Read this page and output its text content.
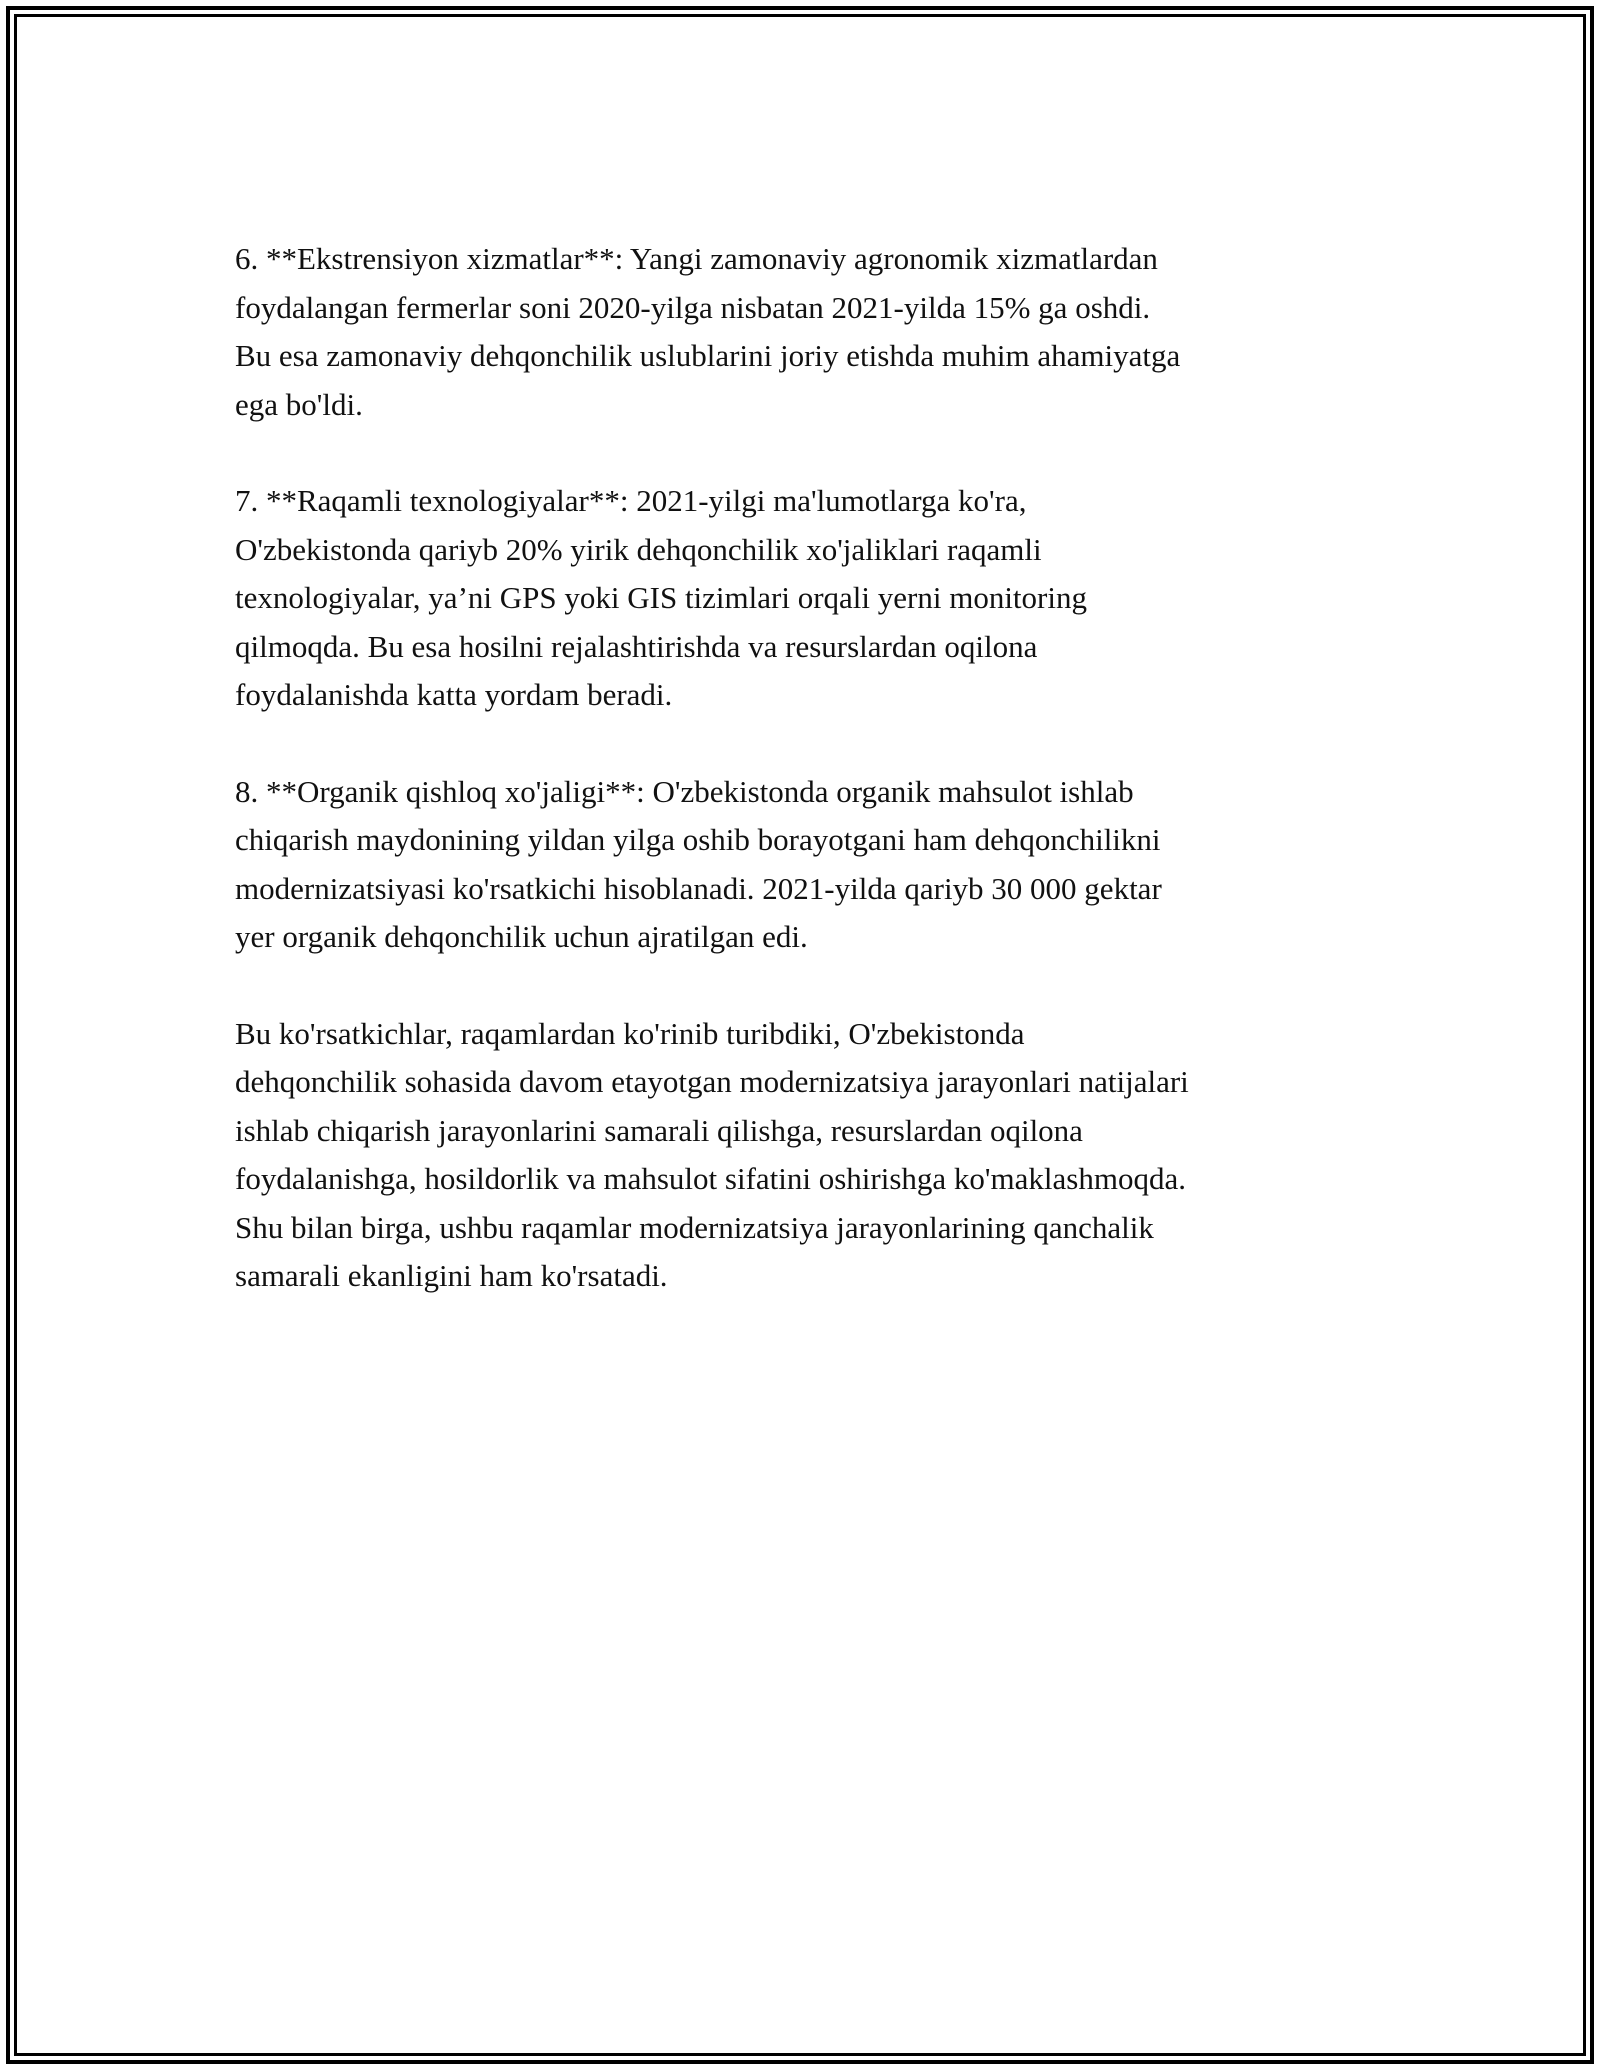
6. **Ekstrensiyon xizmatlar**: Yangi zamonaviy agronomik xizmatlardan
foydalangan fermerlar soni 2020-yilga nisbatan 2021-yilda 15% ga oshdi.
Bu esa zamonaviy dehqonchilik uslublarini joriy etishda muhim ahamiyatga
ega bo'ldi.

7. **Raqamli texnologiyalar**: 2021-yilgi ma'lumotlarga ko'ra,
O'zbekistonda qariyb 20% yirik dehqonchilik xo'jaliklari raqamli
texnologiyalar, ya’ni GPS yoki GIS tizimlari orqali yerni monitoring
qilmoqda. Bu esa hosilni rejalashtirishda va resurslardan oqilona
foydalanishda katta yordam beradi.

8. **Organik qishloq xo'jaligi**: O'zbekistonda organik mahsulot ishlab
chiqarish maydonining yildan yilga oshib borayotgani ham dehqonchilikni
modernizatsiyasi ko'rsatkichi hisoblanadi. 2021-yilda qariyb 30 000 gektar
yer organik dehqonchilik uchun ajratilgan edi.

Bu ko'rsatkichlar, raqamlardan ko'rinib turibdiki, O'zbekistonda
dehqonchilik sohasida davom etayotgan modernizatsiya jarayonlari natijalari
ishlab chiqarish jarayonlarini samarali qilishga, resurslardan oqilona
foydalanishga, hosildorlik va mahsulot sifatini oshirishga ko'maklashmoqda.
Shu bilan birga, ushbu raqamlar modernizatsiya jarayonlarining qanchalik
samarali ekanligini ham ko'rsatadi.
